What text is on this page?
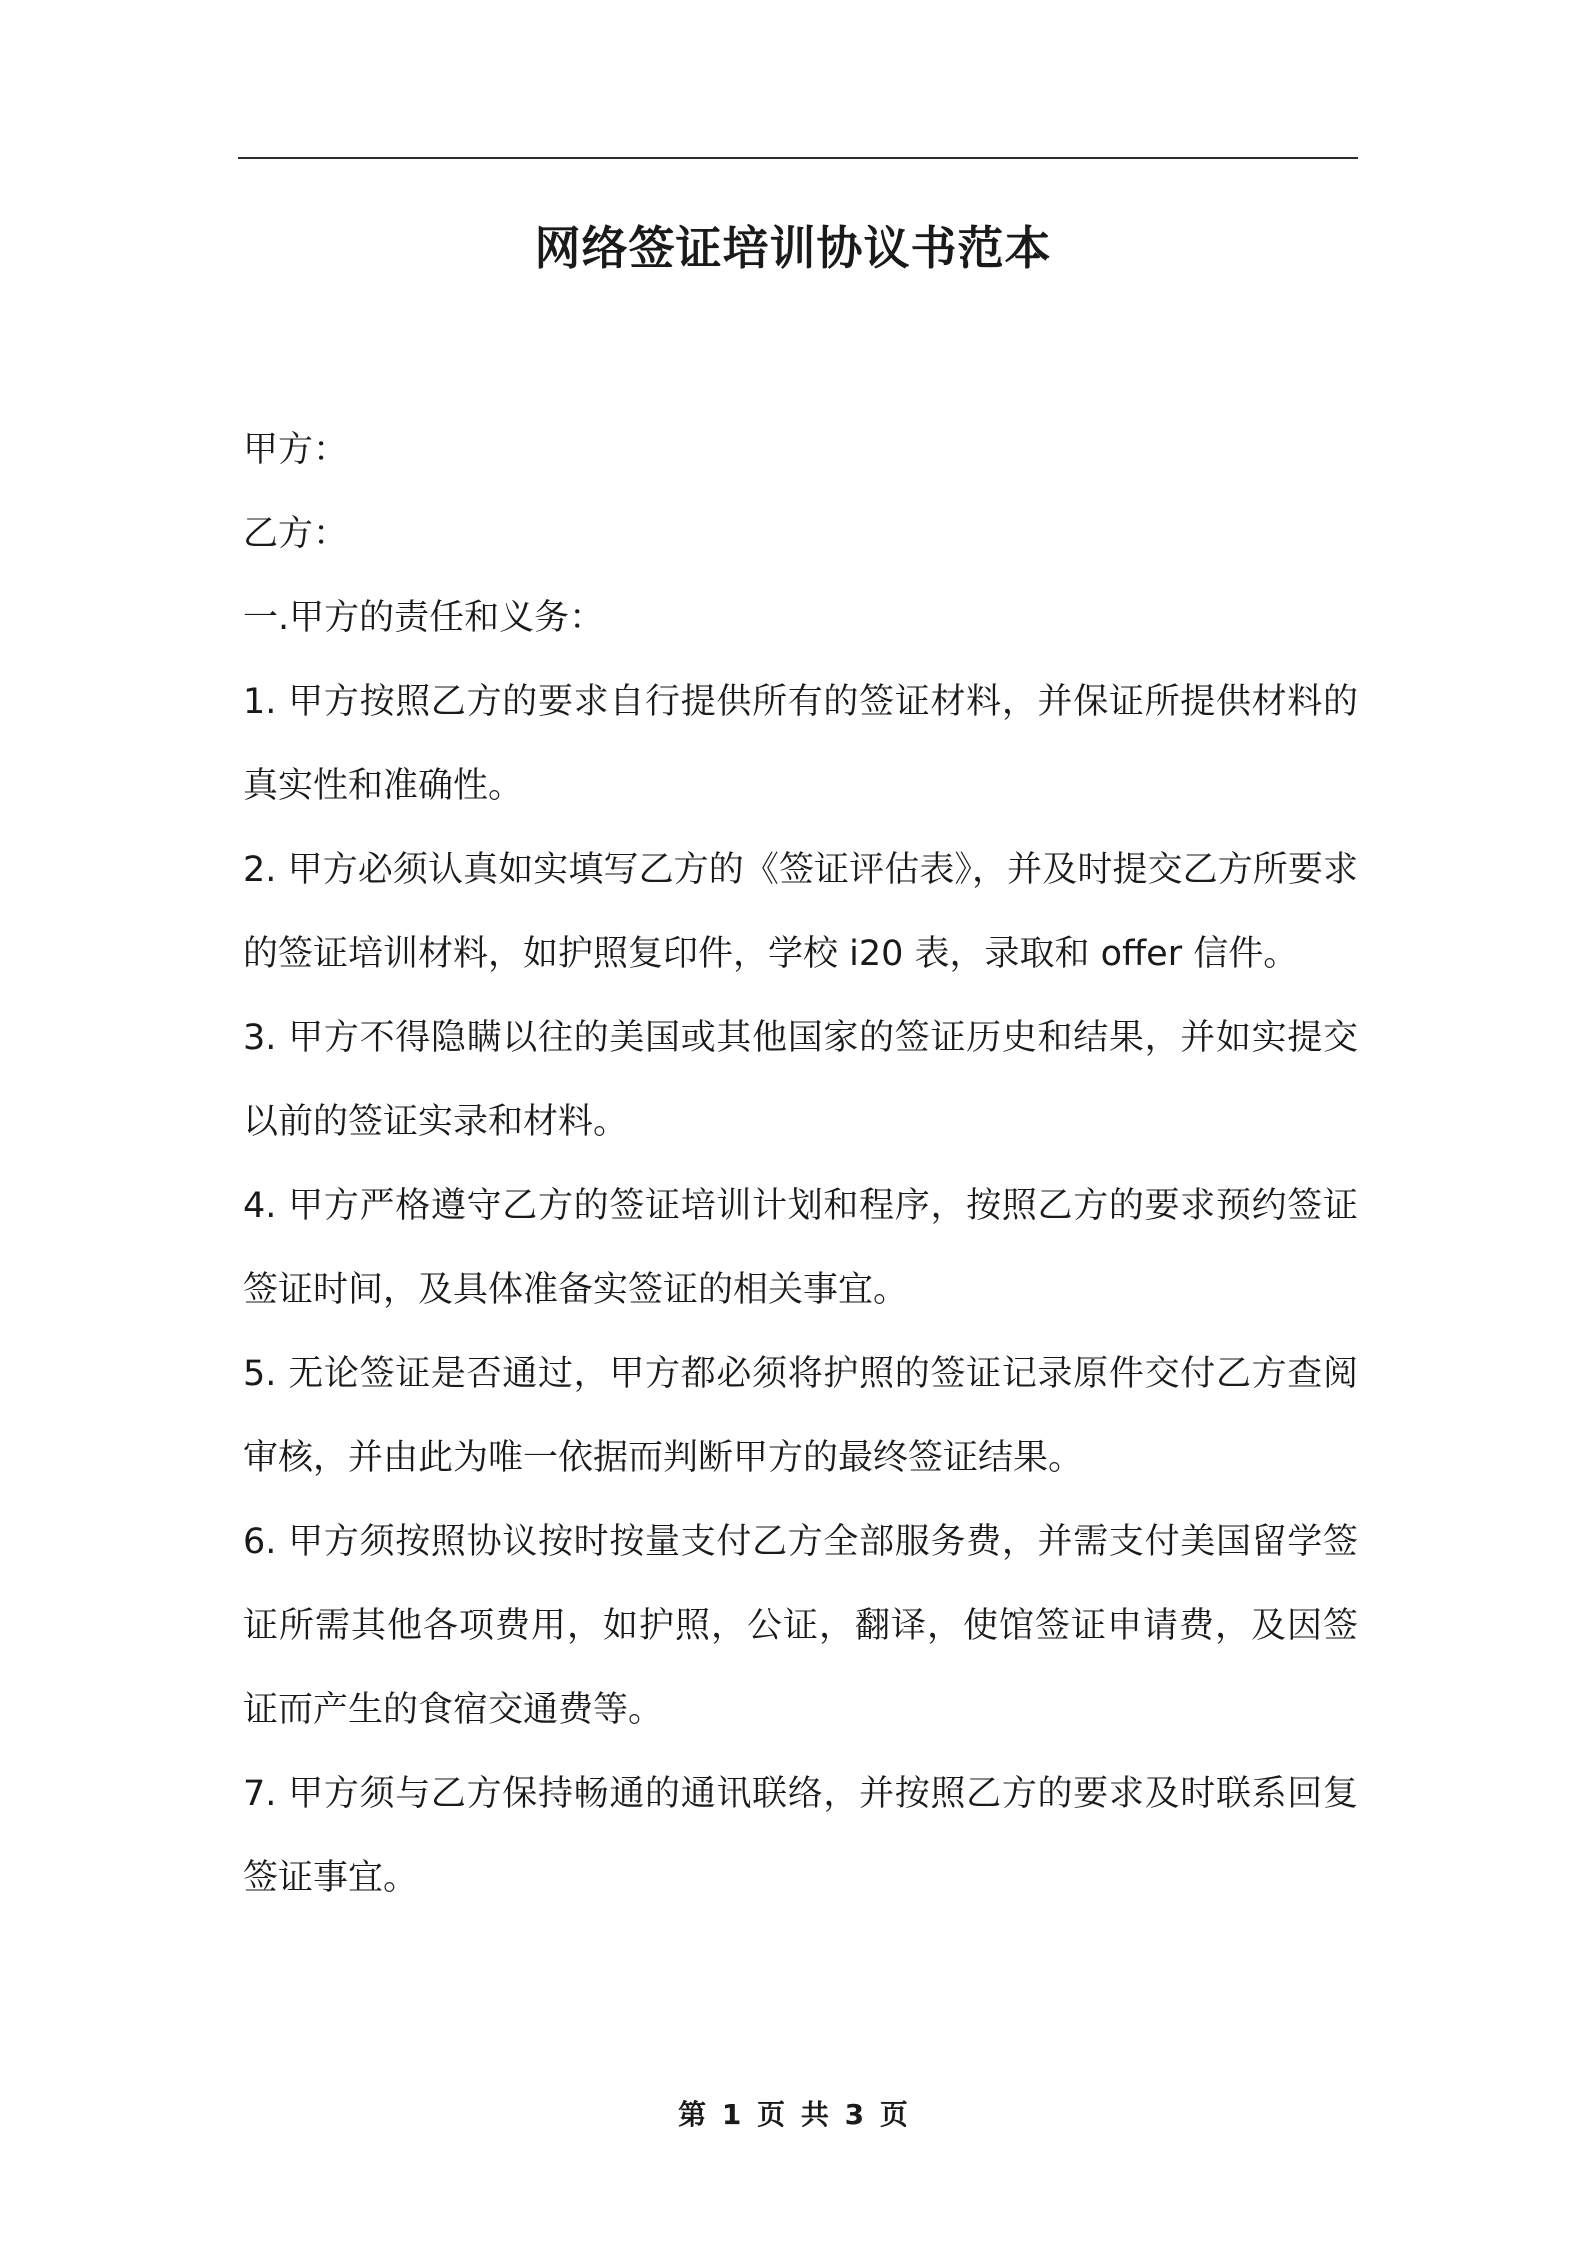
网络签证培训协议书范本

甲方：

乙方：

一.甲方的责任和义务：

1. 甲方按照乙方的要求自行提供所有的签证材料，并保证所提供材料的真实性和准确性。

2. 甲方必须认真如实填写乙方的《签证评估表》，并及时提交乙方所要求的签证培训材料，如护照复印件，学校 i20 表，录取和 offer 信件。

3. 甲方不得隐瞒以往的美国或其他国家的签证历史和结果，并如实提交以前的签证实录和材料。

4. 甲方严格遵守乙方的签证培训计划和程序，按照乙方的要求预约签证签证时间，及具体准备实签证的相关事宜。

5. 无论签证是否通过，甲方都必须将护照的签证记录原件交付乙方查阅审核，并由此为唯一依据而判断甲方的最终签证结果。

6. 甲方须按照协议按时按量支付乙方全部服务费，并需支付美国留学签证所需其他各项费用，如护照，公证，翻译，使馆签证申请费，及因签证而产生的食宿交通费等。

7. 甲方须与乙方保持畅通的通讯联络，并按照乙方的要求及时联系回复签证事宜。

第 1 页 共 3 页
